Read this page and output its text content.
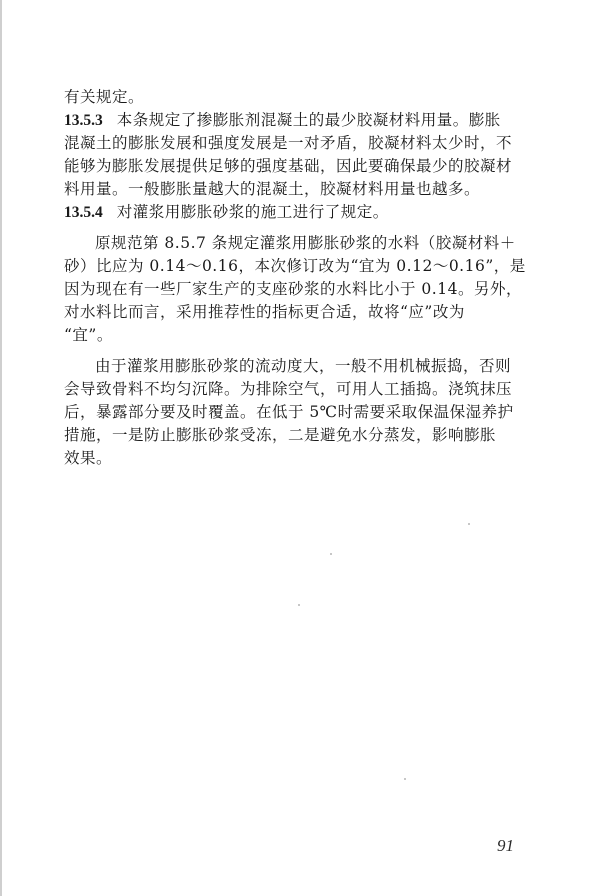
有关规定。
13.5.3 本条规定了掺膨胀剂混凝土的最少胶凝材料用量。膨胀
混凝土的膨胀发展和强度发展是一对矛盾，胶凝材料太少时，不
能够为膨胀发展提供足够的强度基础，因此要确保最少的胶凝材
料用量。一般膨胀量越大的混凝土，胶凝材料用量也越多。
13.5.4 对灌浆用膨胀砂浆的施工进行了规定。
原规范第 8.5.7 条规定灌浆用膨胀砂浆的水料（胶凝材料＋
砂）比应为 0.14～0.16，本次修订改为“宜为 0.12～0.16”，是
因为现在有一些厂家生产的支座砂浆的水料比小于 0.14。另外，
对水料比而言，采用推荐性的指标更合适，故将“应”改为
“宜”。
由于灌浆用膨胀砂浆的流动度大，一般不用机械振捣，否则
会导致骨料不均匀沉降。为排除空气，可用人工插捣。浇筑抹压
后，暴露部分要及时覆盖。在低于 5℃时需要采取保温保湿养护
措施，一是防止膨胀砂浆受冻，二是避免水分蒸发，影响膨胀
效果。
91
